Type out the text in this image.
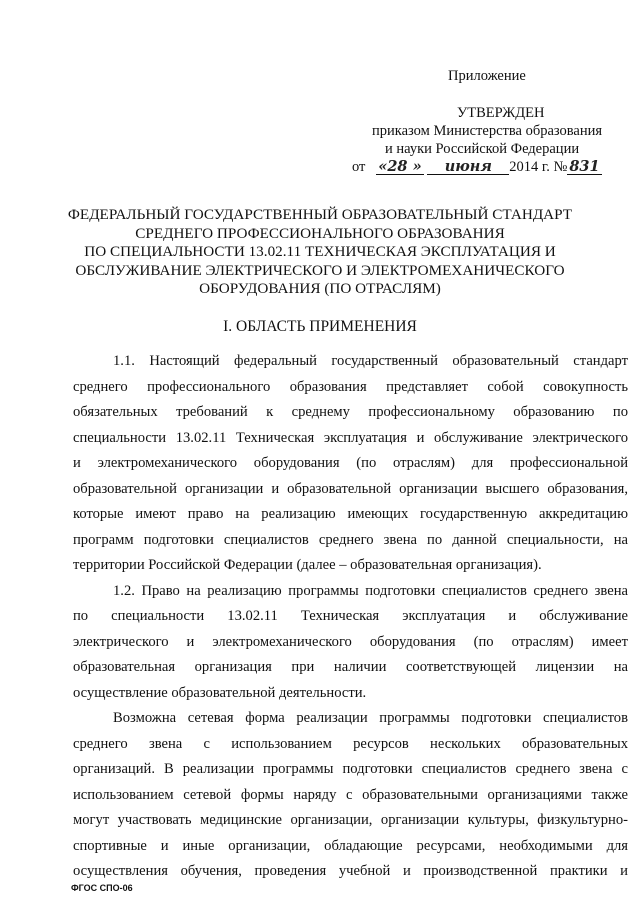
Приложение
УТВЕРЖДЕН
приказом Министерства образования
и науки Российской Федерации
от «28 » июня 2014 г. № 831
ФЕДЕРАЛЬНЫЙ ГОСУДАРСТВЕННЫЙ ОБРАЗОВАТЕЛЬНЫЙ СТАНДАРТ
СРЕДНЕГО ПРОФЕССИОНАЛЬНОГО ОБРАЗОВАНИЯ
ПО СПЕЦИАЛЬНОСТИ 13.02.11 ТЕХНИЧЕСКАЯ ЭКСПЛУАТАЦИЯ И
ОБСЛУЖИВАНИЕ ЭЛЕКТРИЧЕСКОГО И ЭЛЕКТРОМЕХАНИЧЕСКОГО
ОБОРУДОВАНИЯ (ПО ОТРАСЛЯМ)
I. ОБЛАСТЬ ПРИМЕНЕНИЯ
1.1. Настоящий федеральный государственный образовательный стандарт
среднего профессионального образования представляет собой совокупность
обязательных требований к среднему профессиональному образованию по
специальности 13.02.11 Техническая эксплуатация и обслуживание электрического
и электромеханического оборудования (по отраслям) для профессиональной
образовательной организации и образовательной организации высшего образования,
которые имеют право на реализацию имеющих государственную аккредитацию
программ подготовки специалистов среднего звена по данной специальности, на
территории Российской Федерации (далее – образовательная организация).
1.2. Право на реализацию программы подготовки специалистов среднего звена
по специальности 13.02.11 Техническая эксплуатация и обслуживание
электрического и электромеханического оборудования (по отраслям) имеет
образовательная организация при наличии соответствующей лицензии на
осуществление образовательной деятельности.
Возможна сетевая форма реализации программы подготовки специалистов
среднего звена с использованием ресурсов нескольких образовательных
организаций. В реализации программы подготовки специалистов среднего звена с
использованием сетевой формы наряду с образовательными организациями также
могут участвовать медицинские организации, организации культуры, физкультурно-
спортивные и иные организации, обладающие ресурсами, необходимыми для
осуществления обучения, проведения учебной и производственной практики и
ФГОС СПО-06
